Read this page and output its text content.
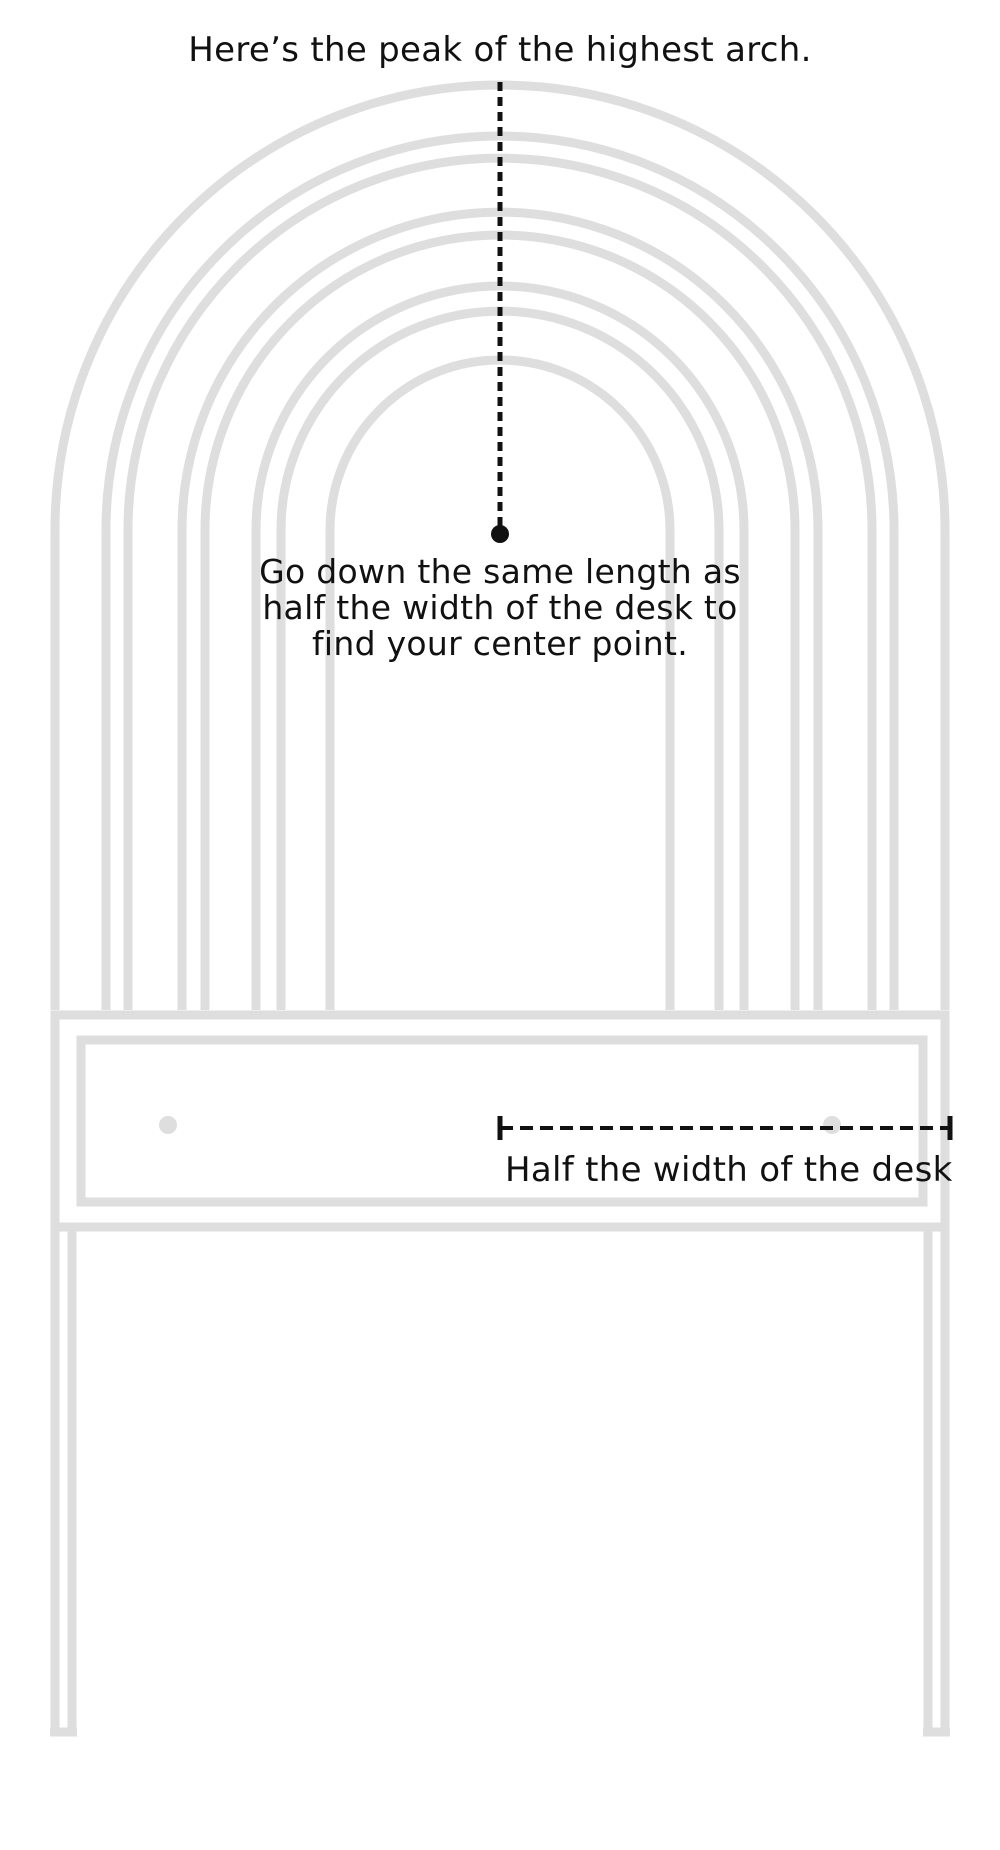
Here’s the peak of the highest arch.
Go down the same length as
half the width of the desk to
find your center point.
Half the width of the desk
